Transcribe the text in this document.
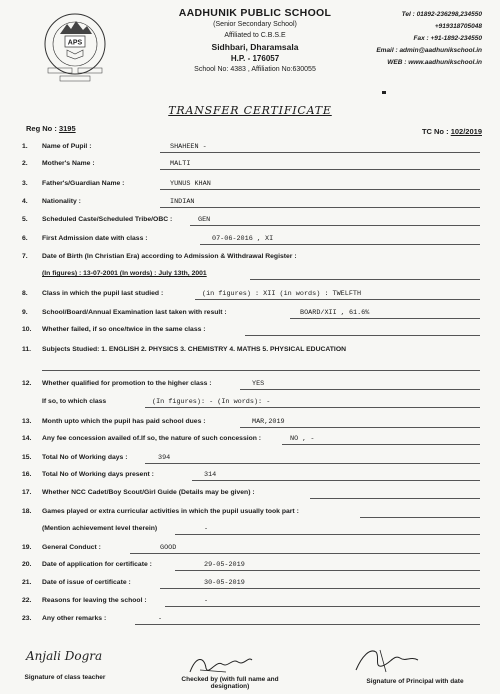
APS
AADHUNIK PUBLIC SCHOOL
(Senior Secondary School)
Affiliated to C.B.S.E
Sidhbari, Dharamsala
H.P. - 176057
School No: 4383 , Affiliation No:630055
Tel : 01892-236298,234550
+919318705048
Fax : +91-1892-234550
Email : admin@aadhunikschool.in
WEB : www.aadhunikschool.in
TRANSFER CERTIFICATE
Reg No : 3195	TC No : 102/2019
1. Name of Pupil :	SHAHEEN -
2. Mother's Name :	MALTI
3. Father's/Guardian Name :	YUNUS KHAN
4. Nationality :	INDIAN
5. Scheduled Caste/Scheduled Tribe/OBC :	GEN
6. First Admission date with class :	07-06-2016 , XI
7. Date of Birth (In Christian Era) according to Admission & Withdrawal Register :
(In figures) : 13-07-2001 (In words) : July 13th, 2001
8. Class in which the pupil last studied :	(in figures) : XII (in words) : TWELFTH
9. School/Board/Annual Examination last taken with result :	BOARD/XII , 61.6%
10. Whether failed, if so once/twice in the same class :
11. Subjects Studied: 1. ENGLISH 2. PHYSICS 3. CHEMISTRY 4. MATHS 5. PHYSICAL EDUCATION
12. Whether qualified for promotion to the higher class :	YES
If so, to which class	(In figures): - (In words): -
13. Month upto which the pupil has paid school dues :	MAR,2019
14. Any fee concession availed of.If so, the nature of such concession :	NO , -
15. Total No of Working days :	394
16. Total No of Working days present :	314
17. Whether NCC Cadet/Boy Scout/Girl Guide (Details may be given) :
18. Games played or extra curricular activities in which the pupil usually took part :
(Mention achievement level therein)	-
19. General Conduct :	GOOD
20. Date of application for certificate :	29-05-2019
21. Date of issue of certificate :	30-05-2019
22. Reasons for leaving the school :	-
23. Any other remarks :	-
Anjali Dogra
Signature of class teacher	Checked by (with full name and designation)
Signature of Principal with date
